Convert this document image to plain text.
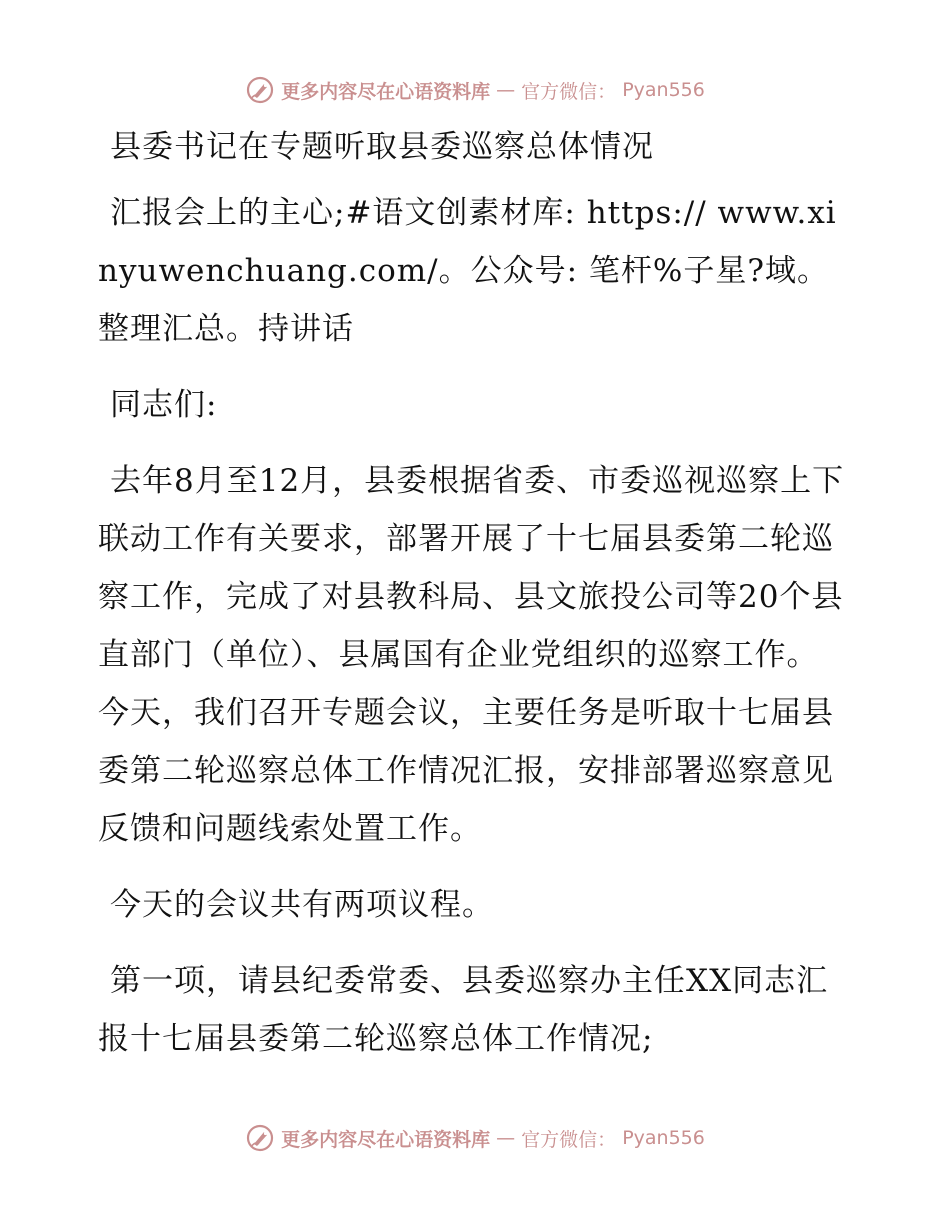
更多内容尽在心语资料库 — 官方微信： Pyan556

县委书记在专题听取县委巡察总体情况

汇报会上的主心;#语文创素材库: https:// www.xinyuwenchuang.com/。公众号: 笔杆%子星?域。整理汇总。持讲话

同志们:

去年8月至12月，县委根据省委、市委巡视巡察上下联动工作有关要求，部署开展了十七届县委第二轮巡察工作，完成了对县教科局、县文旅投公司等20个县直部门（单位）、县属国有企业党组织的巡察工作。今天，我们召开专题会议，主要任务是听取十七届县委第二轮巡察总体工作情况汇报，安排部署巡察意见反馈和问题线索处置工作。

今天的会议共有两项议程。

第一项，请县纪委常委、县委巡察办主任XX同志汇报十七届县委第二轮巡察总体工作情况;

更多内容尽在心语资料库 — 官方微信： Pyan556
